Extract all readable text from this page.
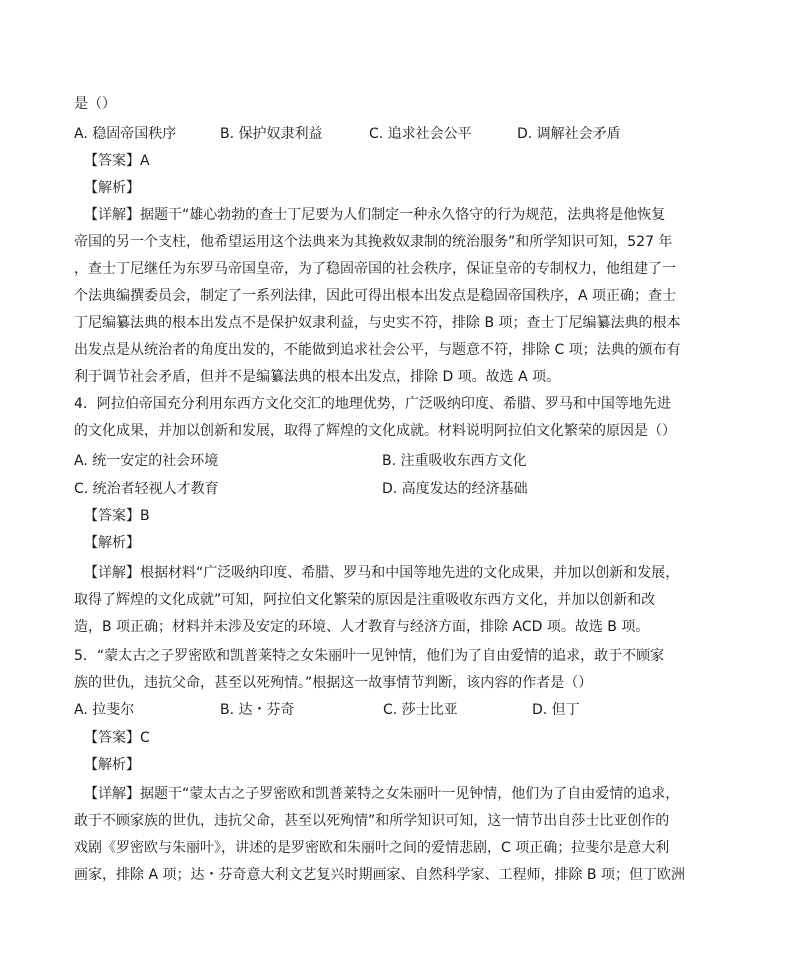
是（）
A. 稳固帝国秩序	B. 保护奴隶利益	C. 追求社会公平	D. 调解社会矛盾
【答案】A
【解析】
【详解】据题干“雄心勃勃的查士丁尼要为人们制定一种永久恪守的行为规范，法典将是他恢复
帝国的另一个支柱，他希望运用这个法典来为其挽救奴隶制的统治服务”和所学知识可知，527 年
，查士丁尼继任为东罗马帝国皇帝，为了稳固帝国的社会秩序，保证皇帝的专制权力，他组建了一
个法典编撰委员会，制定了一系列法律，因此可得出根本出发点是稳固帝国秩序，A 项正确；查士
丁尼编纂法典的根本出发点不是保护奴隶利益，与史实不符，排除 B 项；查士丁尼编纂法典的根本
出发点是从统治者的角度出发的，不能做到追求社会公平，与题意不符，排除 C 项；法典的颁布有
利于调节社会矛盾，但并不是编纂法典的根本出发点，排除 D 项。故选 A 项。
4．阿拉伯帝国充分利用东西方文化交汇的地理优势，广泛吸纳印度、希腊、罗马和中国等地先进
的文化成果，并加以创新和发展，取得了辉煌的文化成就。材料说明阿拉伯文化繁荣的原因是（）
A. 统一安定的社会环境	B. 注重吸收东西方文化
C. 统治者轻视人才教育	D. 高度发达的经济基础
【答案】B
【解析】
【详解】根据材料“广泛吸纳印度、希腊、罗马和中国等地先进的文化成果，并加以创新和发展，
取得了辉煌的文化成就”可知，阿拉伯文化繁荣的原因是注重吸收东西方文化，并加以创新和改
造，B 项正确；材料并未涉及安定的环境、人才教育与经济方面，排除 ACD 项。故选 B 项。
5．“蒙太古之子罗密欧和凯普莱特之女朱丽叶一见钟情，他们为了自由爱情的追求，敢于不顾家
族的世仇，违抗父命，甚至以死殉情。”根据这一故事情节判断，该内容的作者是（）
A. 拉斐尔	B. 达・芬奇	C. 莎士比亚	D. 但丁
【答案】C
【解析】
【详解】据题干“蒙太古之子罗密欧和凯普莱特之女朱丽叶一见钟情，他们为了自由爱情的追求，
敢于不顾家族的世仇，违抗父命，甚至以死殉情”和所学知识可知，这一情节出自莎士比亚创作的
戏剧《罗密欧与朱丽叶》，讲述的是罗密欧和朱丽叶之间的爱情悲剧，C 项正确；拉斐尔是意大利
画家，排除 A 项；达・芬奇意大利文艺复兴时期画家、自然科学家、工程师，排除 B 项；但丁欧洲
